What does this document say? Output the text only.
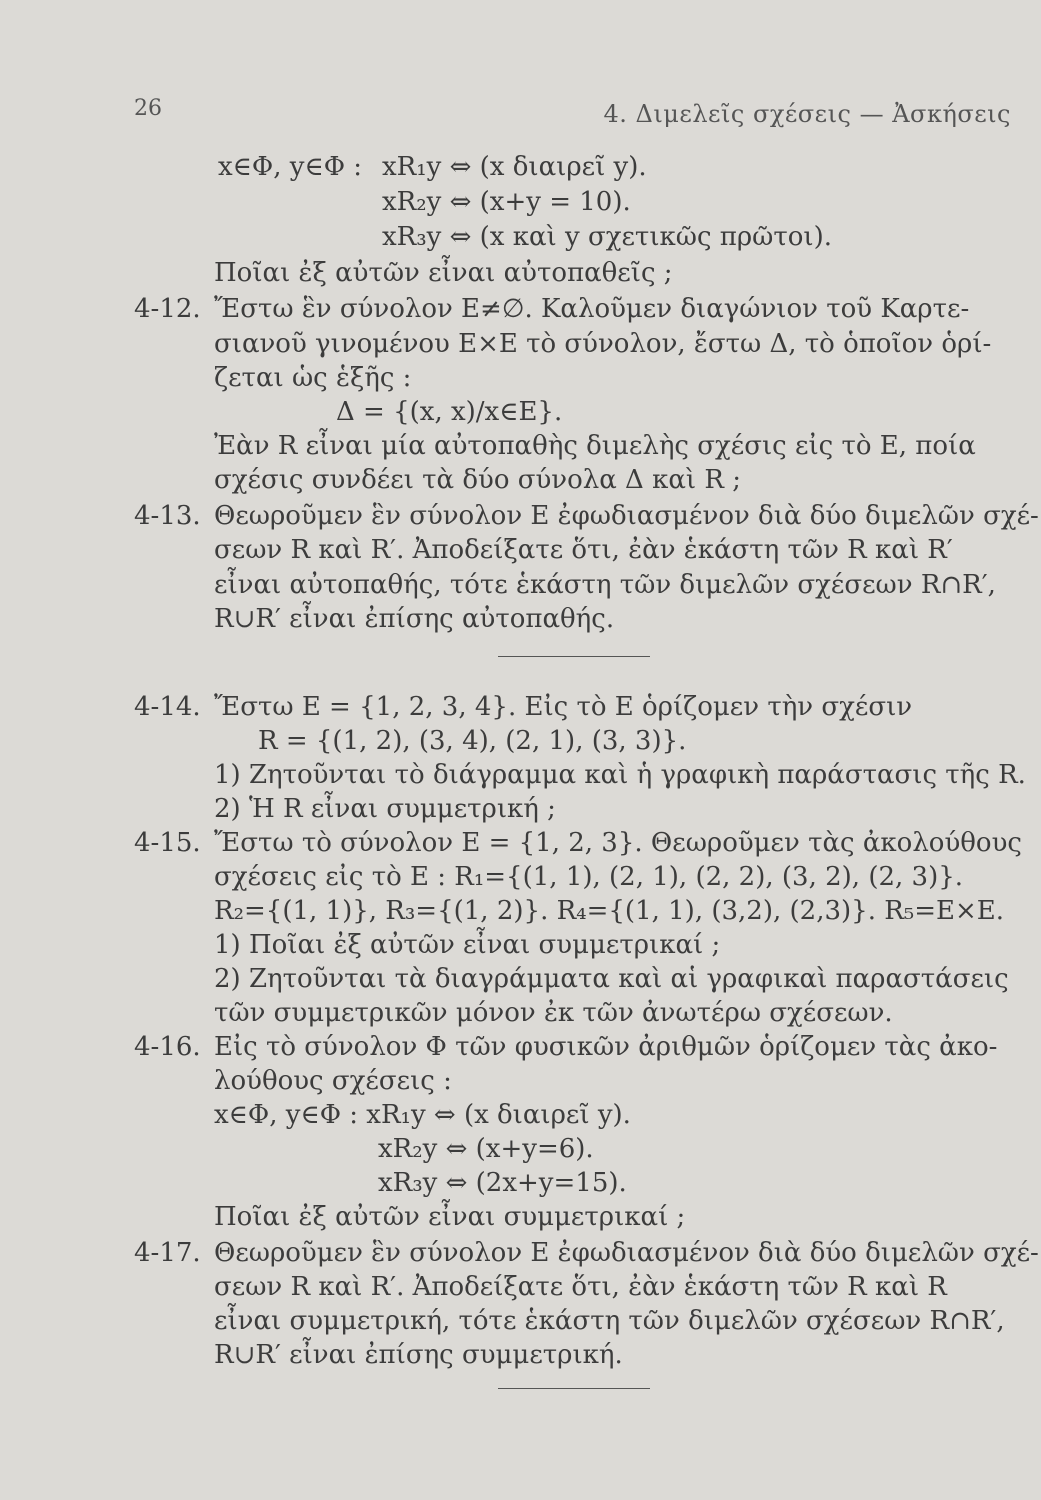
26	4. Διμελεῖς σχέσεις — Ἀσκήσεις
x∈Φ, y∈Φ : xR₁y ⇔ (x διαιρεῖ y).
xR₂y ⇔ (x+y = 10).
xR₃y ⇔ (x καὶ y σχετικῶς πρῶτοι).
Ποῖαι ἐξ αὐτῶν εἶναι αὐτοπαθεῖς ;
4-12. Ἔστω ἓν σύνολον E≠∅. Καλοῦμεν διαγώνιον τοῦ Καρτε-
σιανοῦ γινομένου E×E τὸ σύνολον, ἔστω Δ, τὸ ὁποῖον ὁρί-
ζεται ὡς ἑξῆς :
Δ = {(x, x)/x∈E}.
Ἐὰν R εἶναι μία αὐτοπαθὴς διμελὴς σχέσις εἰς τὸ E, ποία
σχέσις συνδέει τὰ δύο σύνολα Δ καὶ R ;
4-13. Θεωροῦμεν ἓν σύνολον E ἐφωδιασμένον διὰ δύο διμελῶν σχέ-
σεων R καὶ R′. Ἀποδείξατε ὅτι, ἐὰν ἑκάστη τῶν R καὶ R′
εἶναι αὐτοπαθής, τότε ἑκάστη τῶν διμελῶν σχέσεων R∩R′,
R∪R′ εἶναι ἐπίσης αὐτοπαθής.
4-14. Ἔστω E = {1, 2, 3, 4}. Εἰς τὸ E ὁρίζομεν τὴν σχέσιν
R = {(1, 2), (3, 4), (2, 1), (3, 3)}.
1) Ζητοῦνται τὸ διάγραμμα καὶ ἡ γραφικὴ παράστασις τῆς R.
2) Ἡ R εἶναι συμμετρική ;
4-15. Ἔστω τὸ σύνολον E = {1, 2, 3}. Θεωροῦμεν τὰς ἀκολούθους
σχέσεις εἰς τὸ E : R₁={(1, 1), (2, 1), (2, 2), (3, 2), (2, 3)}.
R₂={(1, 1)}, R₃={(1, 2)}. R₄={(1, 1), (3,2), (2,3)}. R₅=E×E.
1) Ποῖαι ἐξ αὐτῶν εἶναι συμμετρικαί ;
2) Ζητοῦνται τὰ διαγράμματα καὶ αἱ γραφικαὶ παραστάσεις
τῶν συμμετρικῶν μόνον ἐκ τῶν ἀνωτέρω σχέσεων.
4-16. Εἰς τὸ σύνολον Φ τῶν φυσικῶν ἀριθμῶν ὁρίζομεν τὰς ἀκο-
λούθους σχέσεις :
x∈Φ, y∈Φ : xR₁y ⇔ (x διαιρεῖ y).
xR₂y ⇔ (x+y=6).
xR₃y ⇔ (2x+y=15).
Ποῖαι ἐξ αὐτῶν εἶναι συμμετρικαί ;
4-17. Θεωροῦμεν ἓν σύνολον E ἐφωδιασμένον διὰ δύο διμελῶν σχέ-
σεων R καὶ R′. Ἀποδείξατε ὅτι, ἐὰν ἑκάστη τῶν R καὶ R
εἶναι συμμετρική, τότε ἑκάστη τῶν διμελῶν σχέσεων R∩R′,
R∪R′ εἶναι ἐπίσης συμμετρική.
